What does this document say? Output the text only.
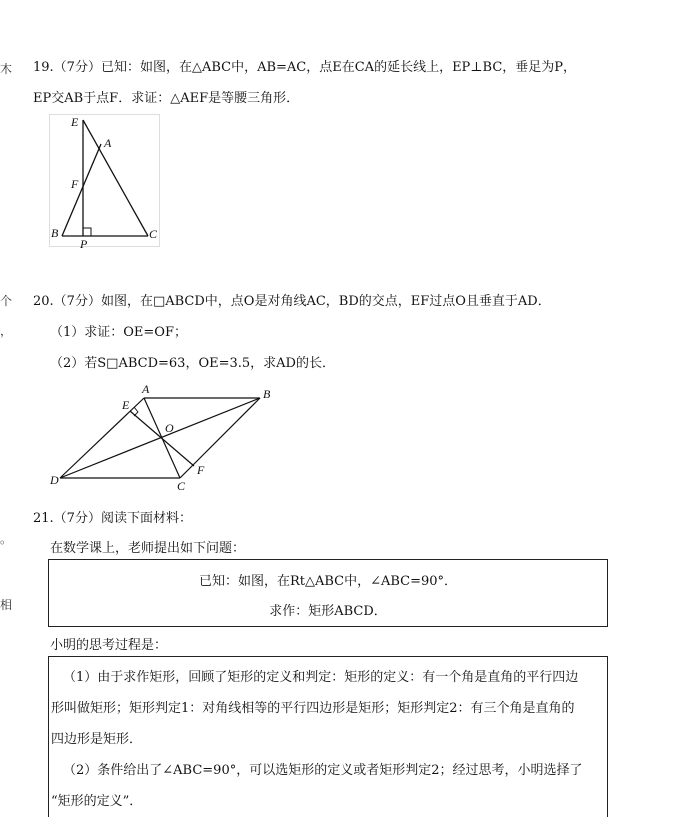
木
个
，
。
相
19.（7分）已知：如图，在△ABC中，AB=AC，点E在CA的延长线上，EP⊥BC，垂足为P，
EP交AB于点F．求证：△AEF是等腰三角形．
E
A
F
B
P
C
20.（7分）如图，在□ABCD中，点O是对角线AC，BD的交点，EF过点O且垂直于AD．
（1）求证：OE=OF；
（2）若S□ABCD=63，OE=3.5，求AD的长．
A	B
E
O
F
D	C
21.（7分）阅读下面材料：
在数学课上，老师提出如下问题：
已知：如图，在Rt△ABC中，∠ABC=90°．
求作：矩形ABCD．
小明的思考过程是：
（1）由于求作矩形，回顾了矩形的定义和判定：矩形的定义：有一个角是直角的平行四边
形叫做矩形；矩形判定1：对角线相等的平行四边形是矩形；矩形判定2：有三个角是直角的
四边形是矩形．
（2）条件给出了∠ABC=90°，可以选矩形的定义或者矩形判定2；经过思考，小明选择了
“矩形的定义”．
